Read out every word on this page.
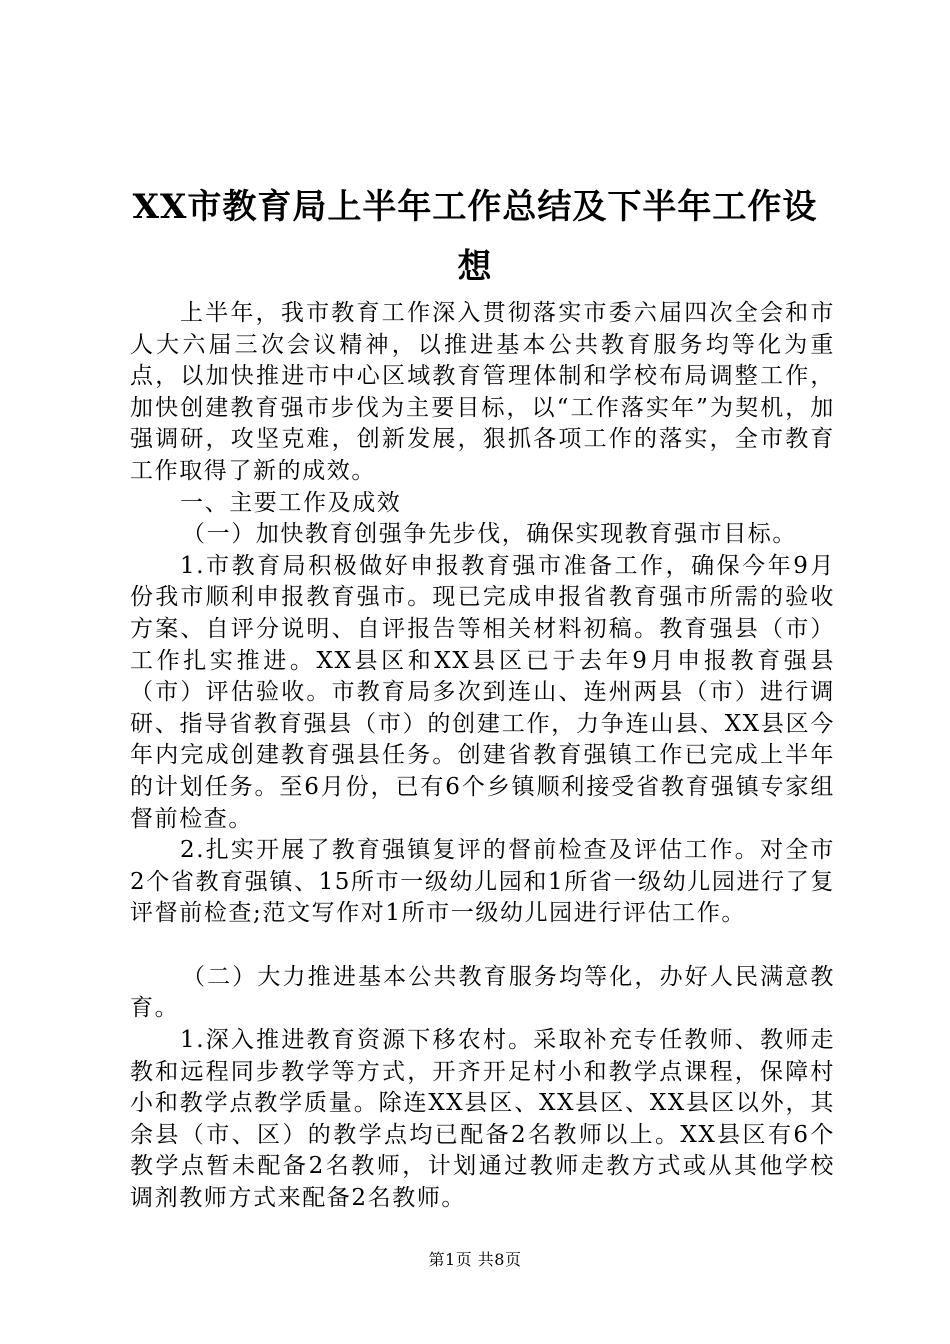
XX市教育局上半年工作总结及下半年工作设
想

上半年，我市教育工作深入贯彻落实市委六届四次全会和市人大六届三次会议精神，以推进基本公共教育服务均等化为重点，以加快推进市中心区域教育管理体制和学校布局调整工作，加快创建教育强市步伐为主要目标，以“工作落实年”为契机，加强调研，攻坚克难，创新发展，狠抓各项工作的落实，全市教育工作取得了新的成效。

一、主要工作及成效

（一）加快教育创强争先步伐，确保实现教育强市目标。

1.市教育局积极做好申报教育强市准备工作，确保今年9月份我市顺利申报教育强市。现已完成申报省教育强市所需的验收方案、自评分说明、自评报告等相关材料初稿。教育强县（市）工作扎实推进。XX县区和XX县区已于去年9月申报教育强县（市）评估验收。市教育局多次到连山、连州两县（市）进行调研、指导省教育强县（市）的创建工作，力争连山县、XX县区今年内完成创建教育强县任务。创建省教育强镇工作已完成上半年的计划任务。至6月份，已有6个乡镇顺利接受省教育强镇专家组督前检查。

2.扎实开展了教育强镇复评的督前检查及评估工作。对全市2个省教育强镇、15所市一级幼儿园和1所省一级幼儿园进行了复评督前检查;范文写作对1所市一级幼儿园进行评估工作。

（二）大力推进基本公共教育服务均等化，办好人民满意教育。

1.深入推进教育资源下移农村。采取补充专任教师、教师走教和远程同步教学等方式，开齐开足村小和教学点课程，保障村小和教学点教学质量。除连XX县区、XX县区、XX县区以外，其余县（市、区）的教学点均已配备2名教师以上。XX县区有6个教学点暂未配备2名教师，计划通过教师走教方式或从其他学校调剂教师方式来配备2名教师。

第1页 共8页
